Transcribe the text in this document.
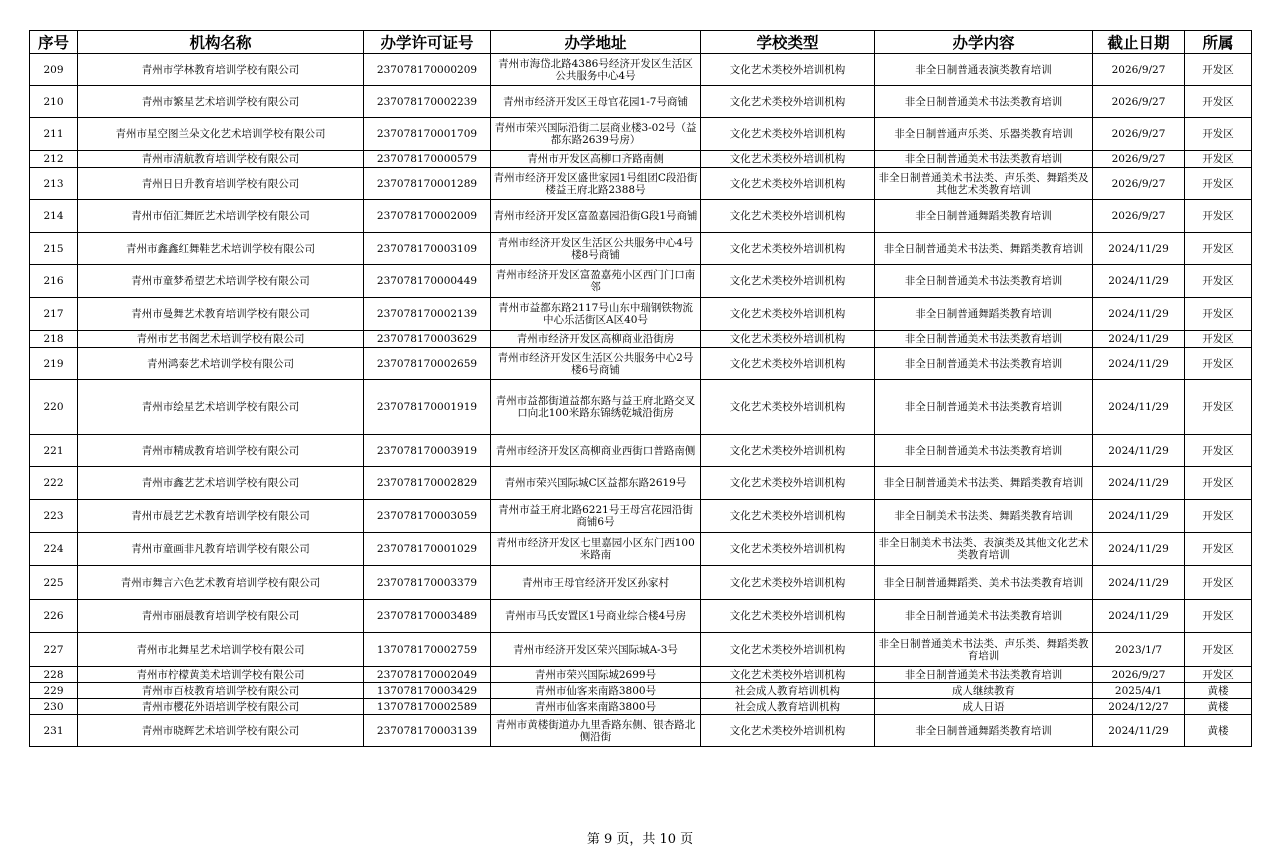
序号	机构名称	办学许可证号	办学地址	学校类型	办学内容	截止日期	所属
209	青州市学林教育培训学校有限公司	237078170000209	青州市海岱北路4386号经济开发区生活区公共服务中心4号	文化艺术类校外培训机构	非全日制普通表演类教育培训	2026/9/27	开发区
210	青州市繁星艺术培训学校有限公司	237078170002239	青州市经济开发区王母官花园1-7号商铺	文化艺术类校外培训机构	非全日制普通美术书法类教育培训	2026/9/27	开发区
211	青州市星空图兰朵文化艺术培训学校有限公司	237078170001709	青州市荣兴国际沿街二层商业楼3-02号（益都东路2639号房）	文化艺术类校外培训机构	非全日制普通声乐类、乐器类教育培训	2026/9/27	开发区
212	青州市清航教育培训学校有限公司	237078170000579	青州市开发区高柳口齐路南侧	文化艺术类校外培训机构	非全日制普通美术书法类教育培训	2026/9/27	开发区
213	青州日日升教育培训学校有限公司	237078170001289	青州市经济开发区盛世家园1号组团C段沿街楼益王府北路2388号	文化艺术类校外培训机构	非全日制普通美术书法类、声乐类、舞蹈类及其他艺术类教育培训	2026/9/27	开发区
214	青州市佰汇舞匠艺术培训学校有限公司	237078170002009	青州市经济开发区富盈嘉园沿街G段1号商铺	文化艺术类校外培训机构	非全日制普通舞蹈类教育培训	2026/9/27	开发区
215	青州市鑫鑫红舞鞋艺术培训学校有限公司	237078170003109	青州市经济开发区生活区公共服务中心4号楼8号商铺	文化艺术类校外培训机构	非全日制普通美术书法类、舞蹈类教育培训	2024/11/29	开发区
216	青州市童梦希望艺术培训学校有限公司	237078170000449	青州市经济开发区富盈嘉苑小区西门门口南邻	文化艺术类校外培训机构	非全日制普通美术书法类教育培训	2024/11/29	开发区
217	青州市曼舞艺术教育培训学校有限公司	237078170002139	青州市益都东路2117号山东中瑞钢铁物流中心乐活街区A区40号	文化艺术类校外培训机构	非全日制普通舞蹈类教育培训	2024/11/29	开发区
218	青州市艺书阁艺术培训学校有限公司	237078170003629	青州市经济开发区高柳商业沿街房	文化艺术类校外培训机构	非全日制普通美术书法类教育培训	2024/11/29	开发区
219	青州鸿泰艺术培训学校有限公司	237078170002659	青州市经济开发区生活区公共服务中心2号楼6号商铺	文化艺术类校外培训机构	非全日制普通美术书法类教育培训	2024/11/29	开发区
220	青州市绘星艺术培训学校有限公司	237078170001919	青州市益都街道益都东路与益王府北路交叉口向北100米路东锦绣乾城沿街房	文化艺术类校外培训机构	非全日制普通美术书法类教育培训	2024/11/29	开发区
221	青州市精成教育培训学校有限公司	237078170003919	青州市经济开发区高柳商业西街口普路南侧	文化艺术类校外培训机构	非全日制普通美术书法类教育培训	2024/11/29	开发区
222	青州市鑫艺艺术培训学校有限公司	237078170002829	青州市荣兴国际城C区益都东路2619号	文化艺术类校外培训机构	非全日制普通美术书法类、舞蹈类教育培训	2024/11/29	开发区
223	青州市晨艺艺术教育培训学校有限公司	237078170003059	青州市益王府北路6221号王母宫花园沿街商铺6号	文化艺术类校外培训机构	非全日制美术书法类、舞蹈类教育培训	2024/11/29	开发区
224	青州市童画非凡教育培训学校有限公司	237078170001029	青州市经济开发区七里嘉园小区东门西100米路南	文化艺术类校外培训机构	非全日制美术书法类、表演类及其他文化艺术类教育培训	2024/11/29	开发区
225	青州市舞言六色艺术教育培训学校有限公司	237078170003379	青州市王母官经济开发区孙家村	文化艺术类校外培训机构	非全日制普通舞蹈类、美术书法类教育培训	2024/11/29	开发区
226	青州市丽晨教育培训学校有限公司	237078170003489	青州市马氏安置区1号商业综合楼4号房	文化艺术类校外培训机构	非全日制普通美术书法类教育培训	2024/11/29	开发区
227	青州市北舞星艺术培训学校有限公司	137078170002759	青州市经济开发区荣兴国际城A-3号	文化艺术类校外培训机构	非全日制普通美术书法类、声乐类、舞蹈类教育培训	2023/1/7	开发区
228	青州市柠檬黄美术培训学校有限公司	237078170002049	青州市荣兴国际城2699号	文化艺术类校外培训机构	非全日制普通美术书法类教育培训	2026/9/27	开发区
229	青州市百枝教育培训学校有限公司	137078170003429	青州市仙客来南路3800号	社会成人教育培训机构	成人继续教育	2025/4/1	黄楼
230	青州市樱花外语培训学校有限公司	137078170002589	青州市仙客来南路3800号	社会成人教育培训机构	成人日语	2024/12/27	黄楼
231	青州市晓辉艺术培训学校有限公司	237078170003139	青州市黄楼街道办九里香路东侧、银杏路北侧沿街	文化艺术类校外培训机构	非全日制普通舞蹈类教育培训	2024/11/29	黄楼
第 9 页，共 10 页
